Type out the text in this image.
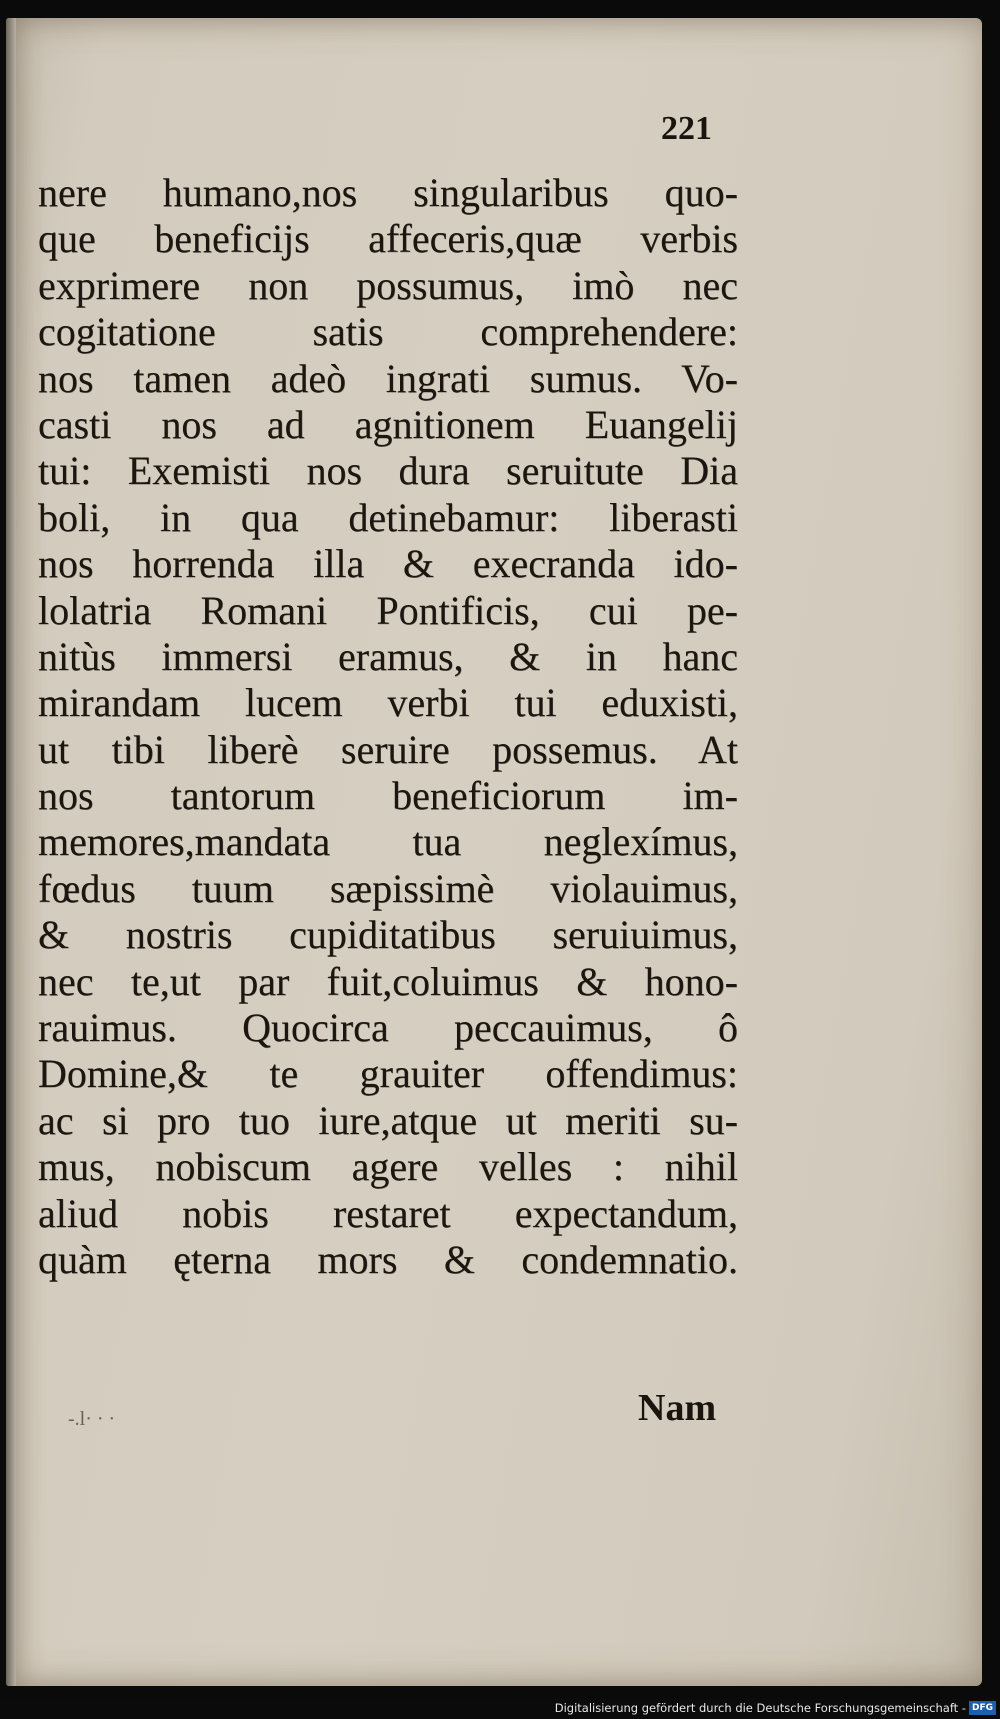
221
nere humano,nos singularibus quo-
que beneficijs affeceris,quæ verbis
exprimere non possumus, imò nec
cogitatione satis comprehendere:
nos tamen adeò ingrati sumus. Vo-
casti nos ad agnitionem Euangelij
tui: Exemisti nos dura seruitute Dia
boli, in qua detinebamur: liberasti
nos horrenda illa & execranda ido-
lolatria Romani Pontificis, cui pe-
nitùs immersi eramus, & in hanc
mirandam lucem verbi tui eduxisti,
ut tibi liberè seruire possemus. At
nos tantorum beneficiorum im-
memores,mandata tua neglexímus,
fœdus tuum sæpissimè violauimus,
& nostris cupiditatibus seruiuimus,
nec te,ut par fuit,coluimus & hono-
rauimus. Quocirca peccauimus, ô
Domine,& te grauiter offendimus:
ac si pro tuo iure,atque ut meriti su-
mus, nobiscum agere velles : nihil
aliud nobis restaret expectandum,
quàm ęterna mors & condemnatio.
-.l· · ·	Nam
Digitalisierung gefördert durch die Deutsche Forschungsgemeinschaft - DFG
